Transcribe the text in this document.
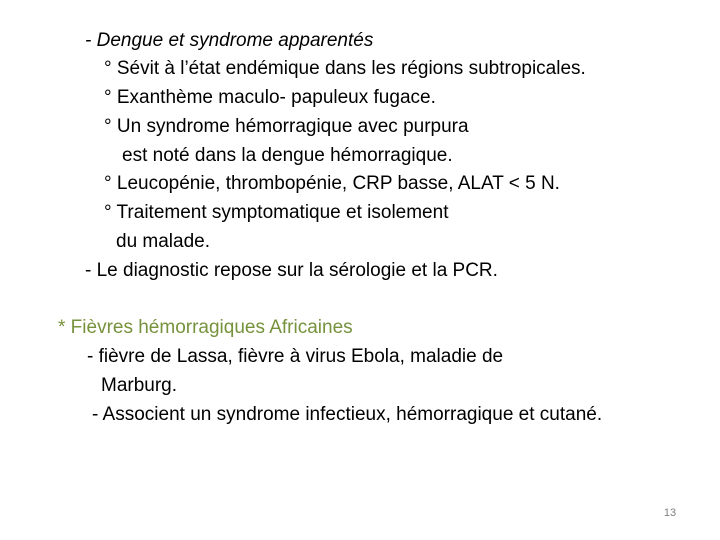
- Dengue et syndrome apparentés
° Sévit à l’état endémique dans les régions subtropicales.
° Exanthème maculo- papuleux fugace.
° Un syndrome hémorragique avec purpura
est noté dans la dengue hémorragique.
° Leucopénie, thrombopénie, CRP basse, ALAT < 5 N.
° Traitement symptomatique et isolement
du malade.
- Le diagnostic repose sur la sérologie et la PCR.
* Fièvres hémorragiques Africaines
- fièvre de Lassa, fièvre à virus Ebola, maladie de
Marburg.
- Associent un syndrome infectieux, hémorragique et cutané.
13
